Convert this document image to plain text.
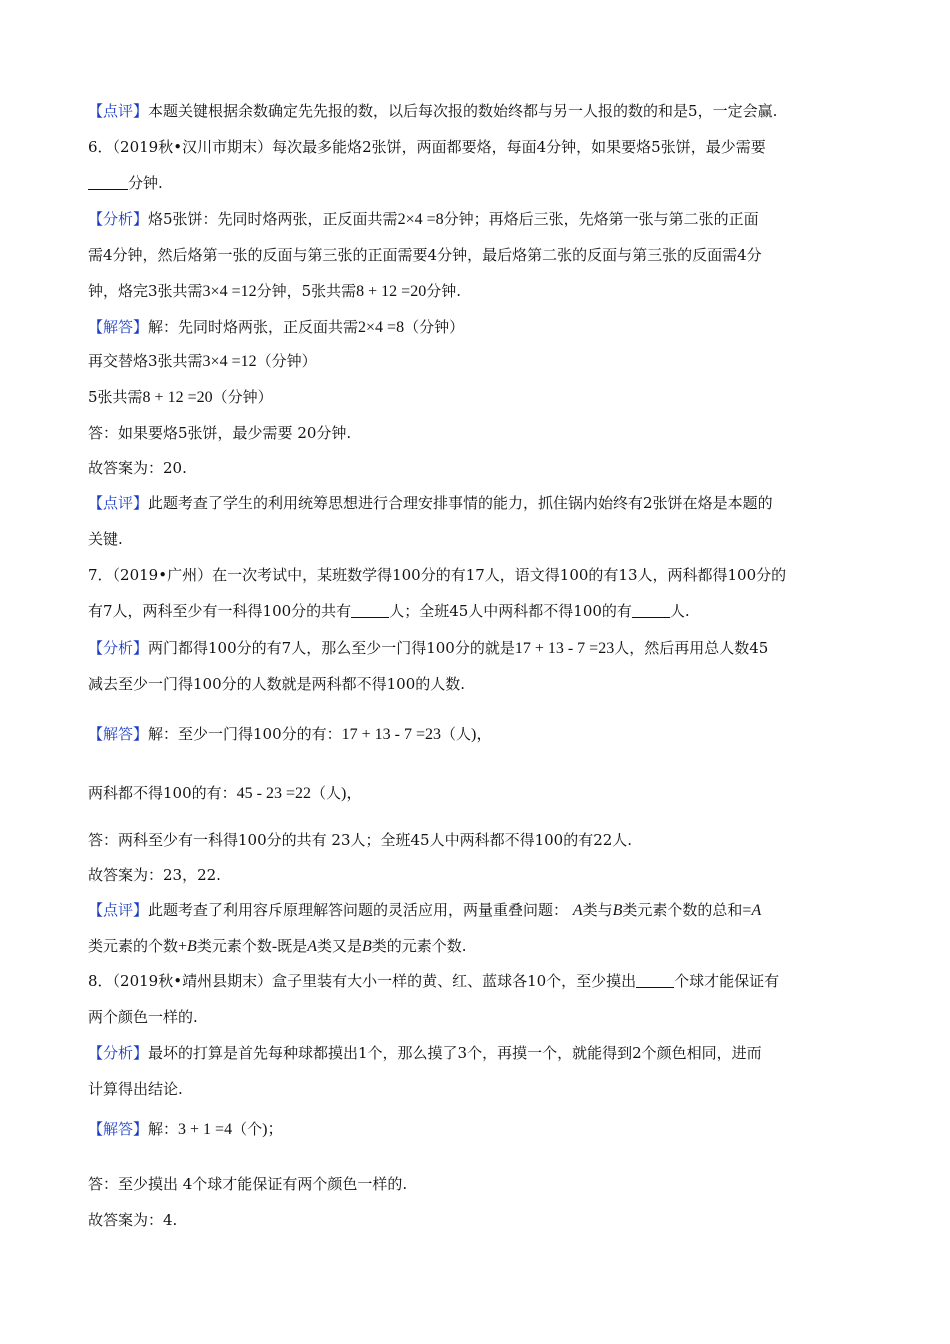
【点评】本题关键根据余数确定先先报的数，以后每次报的数始终都与另一人报的数的和是5，一定会赢.
6．（2019秋•汉川市期末）每次最多能烙2张饼，两面都要烙，每面4分钟，如果要烙5张饼，最少需要
分钟.
【分析】烙5张饼：先同时烙两张，正反面共需2×4 =8分钟；再烙后三张，先烙第一张与第二张的正面
需4分钟，然后烙第一张的反面与第三张的正面需要4分钟，最后烙第二张的反面与第三张的反面需4分
钟，烙完3张共需3×4 =12分钟，5张共需8 + 12 =20分钟.
【解答】解：先同时烙两张，正反面共需2×4 =8（分钟）
再交替烙3张共需3×4 =12（分钟）
5张共需8 + 12 =20（分钟）
答：如果要烙5张饼，最少需要 20分钟.
故答案为：20.
【点评】此题考查了学生的利用统筹思想进行合理安排事情的能力，抓住锅内始终有2张饼在烙是本题的
关键.
7．（2019•广州）在一次考试中，某班数学得100分的有17人，语文得100的有13人，两科都得100分的
有7人，两科至少有一科得100分的共有	人；全班45人中两科都不得100的有	人.
【分析】两门都得100分的有7人，那么至少一门得100分的就是17 + 13 - 7 =23人，然后再用总人数45
减去至少一门得100分的人数就是两科都不得100的人数.
【解答】解：至少一门得100分的有：17 + 13 - 7 =23（人)，
两科都不得100的有：45 - 23 =22（人)，
答：两科至少有一科得100分的共有 23人；全班45人中两科都不得100的有22人.
故答案为：23，22.
【点评】此题考查了利用容斥原理解答问题的灵活应用，两量重叠问题： A类与B类元素个数的总和=A
类元素的个数+B类元素个数-既是A类又是B类的元素个数.
8．（2019秋•靖州县期末）盒子里装有大小一样的黄、红、蓝球各10个，至少摸出	个球才能保证有
两个颜色一样的.
【分析】最坏的打算是首先每种球都摸出1个，那么摸了3个，再摸一个，就能得到2个颜色相同，进而
计算得出结论.
【解答】解：3 + 1 =4（个)；
答：至少摸出 4个球才能保证有两个颜色一样的.
故答案为：4.
